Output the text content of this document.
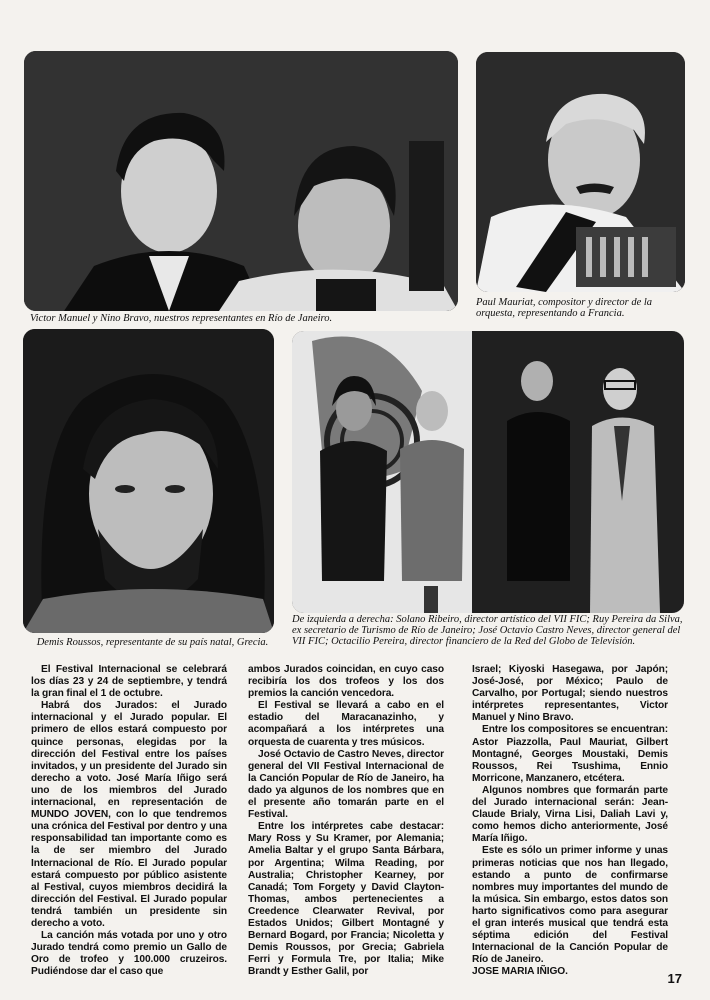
Victor Manuel y Nino Bravo, nuestros representantes en Río de Janeiro.
Paul Mauriat, compositor y director de la orquesta, representando a Francia.
Demis Roussos, representante de su país natal, Grecia.
De izquierda a derecha: Solano Ribeiro, director artístico del VII FIC; Ruy Pereira da Silva, ex secretario de Turismo de Río de Janeiro; José Octavio Castro Neves, director general del VII FIC; Octacilio Pereira, director financiero de la Red del Globo de Televisión.

El Festival Internacional se celebrará los días 23 y 24 de septiembre, y tendrá la gran final el 1 de octubre.

Habrá dos Jurados: el Jurado internacional y el Jurado popular. El primero de ellos estará compuesto por quince personas, elegidas por la dirección del Festival entre los países invitados, y un presidente del Jurado sin derecho a voto. José María Iñigo será uno de los miembros del Jurado internacional, en representación de MUNDO JOVEN, con lo que tendremos una crónica del Festival por dentro y una responsabilidad tan importante como es la de ser miembro del Jurado Internacional de Río. El Jurado popular estará compuesto por público asistente al Festival, cuyos miembros decidirá la dirección del Festival. El Jurado popular tendrá también un presidente sin derecho a voto.

La canción más votada por uno y otro Jurado tendrá como premio un Gallo de Oro de trofeo y 100.000 cruzeiros. Pudiéndose dar el caso que

ambos Jurados coincidan, en cuyo caso recibiría los dos trofeos y los dos premios la canción vencedora.

El Festival se llevará a cabo en el estadio del Maracanazinho, y acompañará a los intérpretes una orquesta de cuarenta y tres músicos.

José Octavio de Castro Neves, director general del VII Festival Internacional de la Canción Popular de Río de Janeiro, ha dado ya algunos de los nombres que en el presente año tomarán parte en el Festival.

Entre los intérpretes cabe destacar: Mary Ross y Su Kramer, por Alemania; Amelia Baltar y el grupo Santa Bárbara, por Argentina; Wilma Reading, por Australia; Christopher Kearney, por Canadá; Tom Forgety y David Clayton-Thomas, ambos pertenecientes a Creedence Clearwater Revival, por Estados Unidos; Gilbert Montagné y Bernard Bogard, por Francia; Nicoletta y Demis Roussos, por Grecia; Gabriela Ferri y Formula Tre, por Italia; Mike Brandt y Esther Galil, por

Israel; Kiyoski Hasegawa, por Japón; José-José, por México; Paulo de Carvalho, por Portugal; siendo nuestros intérpretes representantes, Victor Manuel y Nino Bravo.

Entre los compositores se encuentran: Astor Piazzolla, Paul Mauriat, Gilbert Montagné, Georges Moustaki, Demis Roussos, Rei Tsushima, Ennio Morricone, Manzanero, etcétera.

Algunos nombres que formarán parte del Jurado internacional serán: Jean-Claude Brialy, Virna Lisi, Daliah Lavi y, como hemos dicho anteriormente, José María Iñigo.

Este es sólo un primer informe y unas primeras noticias que nos han llegado, estando a punto de confirmarse nombres muy importantes del mundo de la música. Sin embargo, estos datos son harto significativos como para asegurar el gran interés musical que tendrá esta séptima edición del Festival Internacional de la Canción Popular de Río de Janeiro.

JOSE MARIA IÑIGO.	17
